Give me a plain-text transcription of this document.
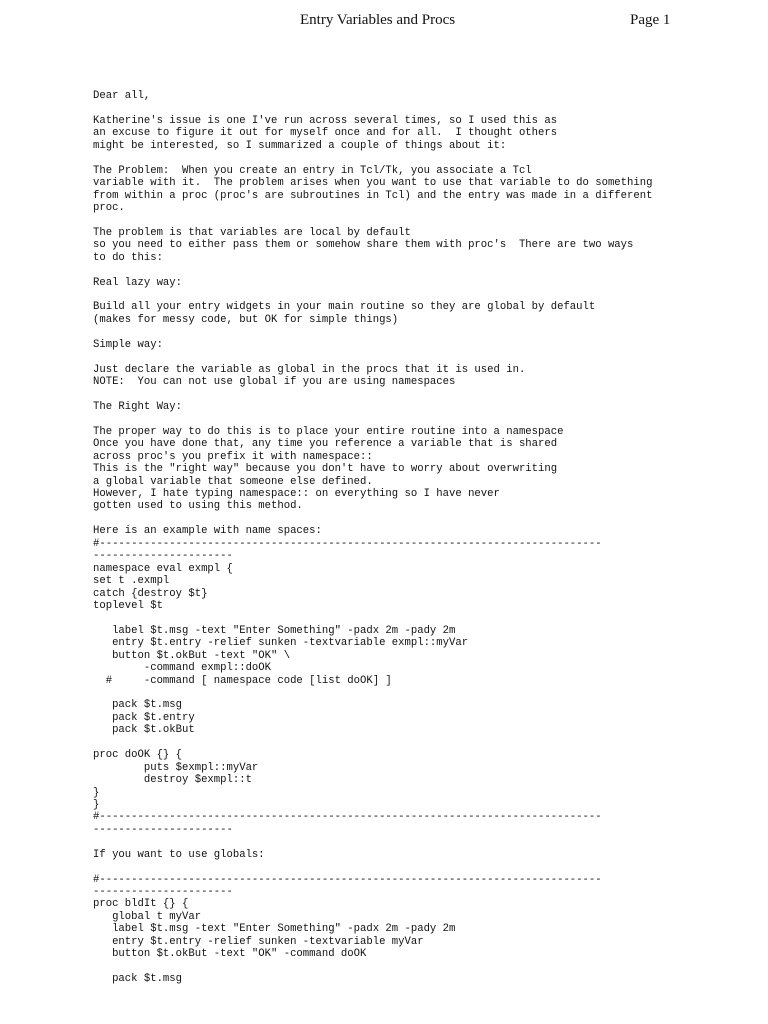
Entry Variables and Procs	Page 1
Dear all,
Katherine's issue is one I've run across several times, so I used this as
an excuse to figure it out for myself once and for all.  I thought others
might be interested, so I summarized a couple of things about it:
The Problem:  When you create an entry in Tcl/Tk, you associate a Tcl
variable with it.  The problem arises when you want to use that variable to do something
from within a proc (proc's are subroutines in Tcl) and the entry was made in a different
proc.
The problem is that variables are local by default
so you need to either pass them or somehow share them with proc's  There are two ways
to do this:
Real lazy way:
Build all your entry widgets in your main routine so they are global by default
(makes for messy code, but OK for simple things)
Simple way:
Just declare the variable as global in the procs that it is used in.
NOTE:  You can not use global if you are using namespaces
The Right Way:
The proper way to do this is to place your entire routine into a namespace
Once you have done that, any time you reference a variable that is shared
across proc's you prefix it with namespace::
This is the "right way" because you don't have to worry about overwriting
a global variable that someone else defined.
However, I hate typing namespace:: on everything so I have never
gotten used to using this method.
Here is an example with name spaces:
#-------------------------------------------------------------------------------
----------------------
namespace eval exmpl {
set t .exmpl
catch {destroy $t}
toplevel $t
label $t.msg -text "Enter Something" -padx 2m -pady 2m
entry $t.entry -relief sunken -textvariable exmpl::myVar
button $t.okBut -text "OK" \
-command exmpl::doOK
#     -command [ namespace code [list doOK] ]
pack $t.msg
pack $t.entry
pack $t.okBut
proc doOK {} {
puts $exmpl::myVar
destroy $exmpl::t
}
}
#-------------------------------------------------------------------------------
----------------------
If you want to use globals:
#-------------------------------------------------------------------------------
----------------------
proc bldIt {} {
global t myVar
label $t.msg -text "Enter Something" -padx 2m -pady 2m
entry $t.entry -relief sunken -textvariable myVar
button $t.okBut -text "OK" -command doOK
pack $t.msg
